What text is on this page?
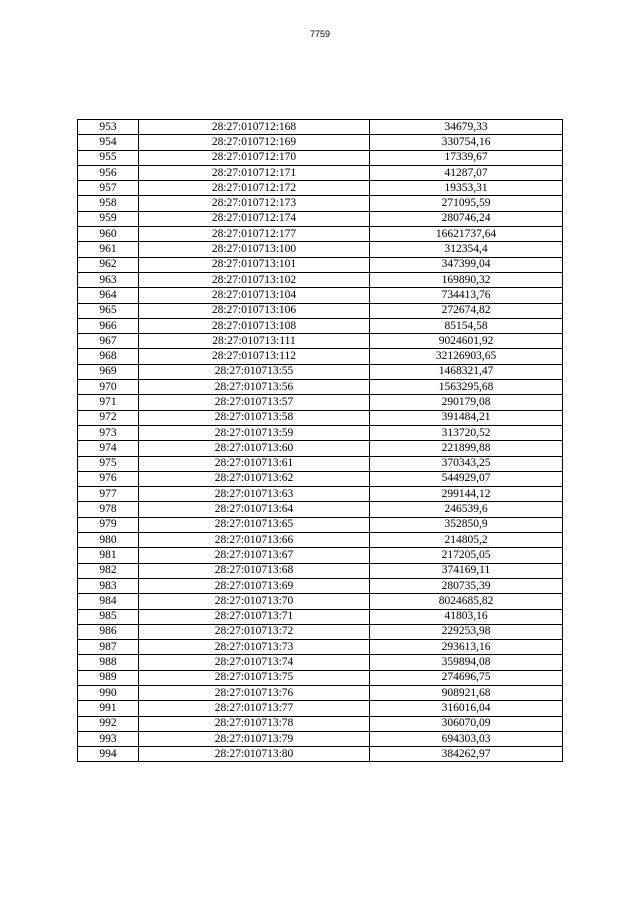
7759
953	28:27:010712:168	34679,33
954	28:27:010712:169	330754,16
955	28:27:010712:170	17339,67
956	28:27:010712:171	41287,07
957	28:27:010712:172	19353,31
958	28:27:010712:173	271095,59
959	28:27:010712:174	280746,24
960	28:27:010712:177	16621737,64
961	28:27:010713:100	312354,4
962	28:27:010713:101	347399,04
963	28:27:010713:102	169890,32
964	28:27:010713:104	734413,76
965	28:27:010713:106	272674,82
966	28:27:010713:108	85154,58
967	28:27:010713:111	9024601,92
968	28:27:010713:112	32126903,65
969	28:27:010713:55	1468321,47
970	28:27:010713:56	1563295,68
971	28:27:010713:57	290179,08
972	28:27:010713:58	391484,21
973	28:27:010713:59	313720,52
974	28:27:010713:60	221899,88
975	28:27:010713:61	370343,25
976	28:27:010713:62	544929,07
977	28:27:010713:63	299144,12
978	28:27:010713:64	246539,6
979	28:27:010713:65	352850,9
980	28:27:010713:66	214805,2
981	28:27:010713:67	217205,05
982	28:27:010713:68	374169,11
983	28:27:010713:69	280735,39
984	28:27:010713:70	8024685,82
985	28:27:010713:71	41803,16
986	28:27:010713:72	229253,98
987	28:27:010713:73	293613,16
988	28:27:010713:74	359894,08
989	28:27:010713:75	274696,75
990	28:27:010713:76	908921,68
991	28:27:010713:77	316016,04
992	28:27:010713:78	306070,09
993	28:27:010713:79	694303,03
994	28:27:010713:80	384262,97
